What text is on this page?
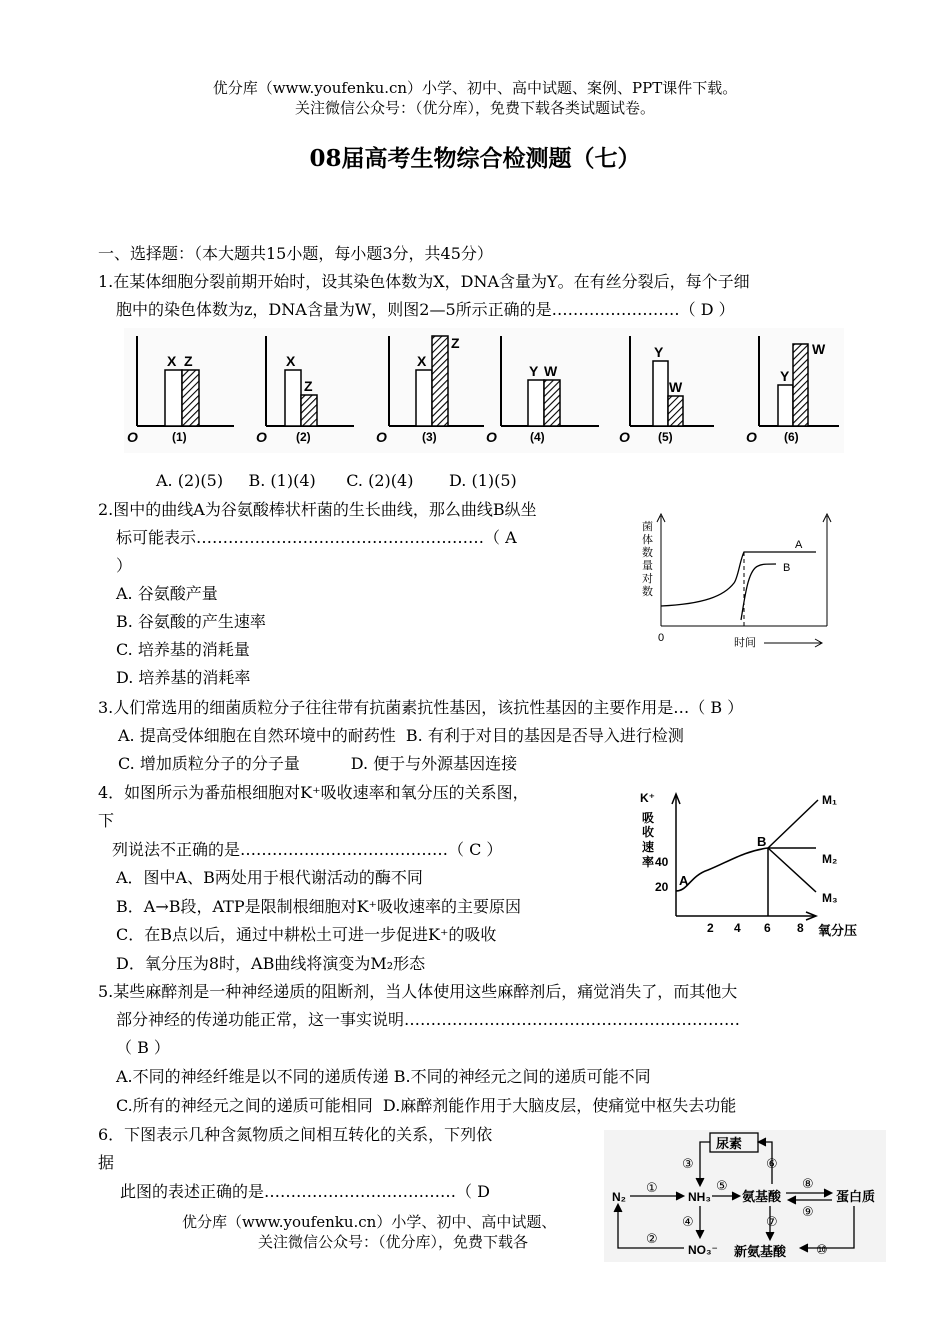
优分库（www.youfenku.cn）小学、初中、高中试题、案例、PPT课件下载。
关注微信公众号：（优分库），免费下载各类试题试卷。
08届高考生物综合检测题（七）
一、选择题：（本大题共15小题，每小题3分，共45分）
1.在某体细胞分裂前期开始时，设其染色体数为X，DNA含量为Y。在有丝分裂后，每个子细
胞中的染色体数为z，DNA含量为W，则图2—5所示正确的是……………………（ D ）
X Z
O	(1)
X
Z
O (2)
X
Z
O	(3)
Y W
O	(4)
Y
W
O (5)
Y
W
O (6)
A. (2)(5)     B. (1)(4)      C. (2)(4)       D. (1)(5)
2.图中的曲线A为谷氨酸棒状杆菌的生长曲线，那么曲线B纵坐
标可能表示………………………………………………（ A
）
A. 谷氨酸产量
B. 谷氨酸的产生速率
C. 培养基的消耗量
D. 培养基的消耗率
A
B
菌
体
数
量
对
数
0	时间
3.人们常选用的细菌质粒分子往往带有抗菌素抗性基因，该抗性基因的主要作用是…（ B ）
A. 提高受体细胞在自然环境中的耐药性  B. 有利于对目的基因是否导入进行检测
C. 增加质粒分子的分子量          D. 便于与外源基因连接
4．如图所示为番茄根细胞对K⁺吸收速率和氧分压的关系图，
下
列说法不正确的是…………………………………（ C ）
A．图中A、B两处用于根代谢活动的酶不同
B．A→B段，ATP是限制根细胞对K⁺吸收速率的主要原因
C．在B点以后，通过中耕松土可进一步促进K⁺的吸收
D．氧分压为8时，AB曲线将演变为M₂形态
K⁺
吸
收
速
率 40
20 A
B
2 4 6 8 氧分压
M₁
M₂
M₃
5.某些麻醉剂是一种神经递质的阻断剂，当人体使用这些麻醉剂后，痛觉消失了，而其他大
部分神经的传递功能正常，这一事实说明………………………………………………………
（ B ）
A.不同的神经纤维是以不同的递质传递 B.不同的神经元之间的递质可能不同
C.所有的神经元之间的递质可能相同  D.麻醉剂能作用于大脑皮层，使痛觉中枢失去功能
6．下图表示几种含氮物质之间相互转化的关系，下列依
据
此图的表述正确的是………………………………（ D
尿素
N₂	NH₃ 氨基酸	蛋白质
NO₃⁻ 新氨基酸
①
②
③
④
⑤
⑥
⑦
⑧
⑨
⑩
优分库（www.youfenku.cn）小学、初中、高中试题、
关注微信公众号：（优分库），免费下载各
